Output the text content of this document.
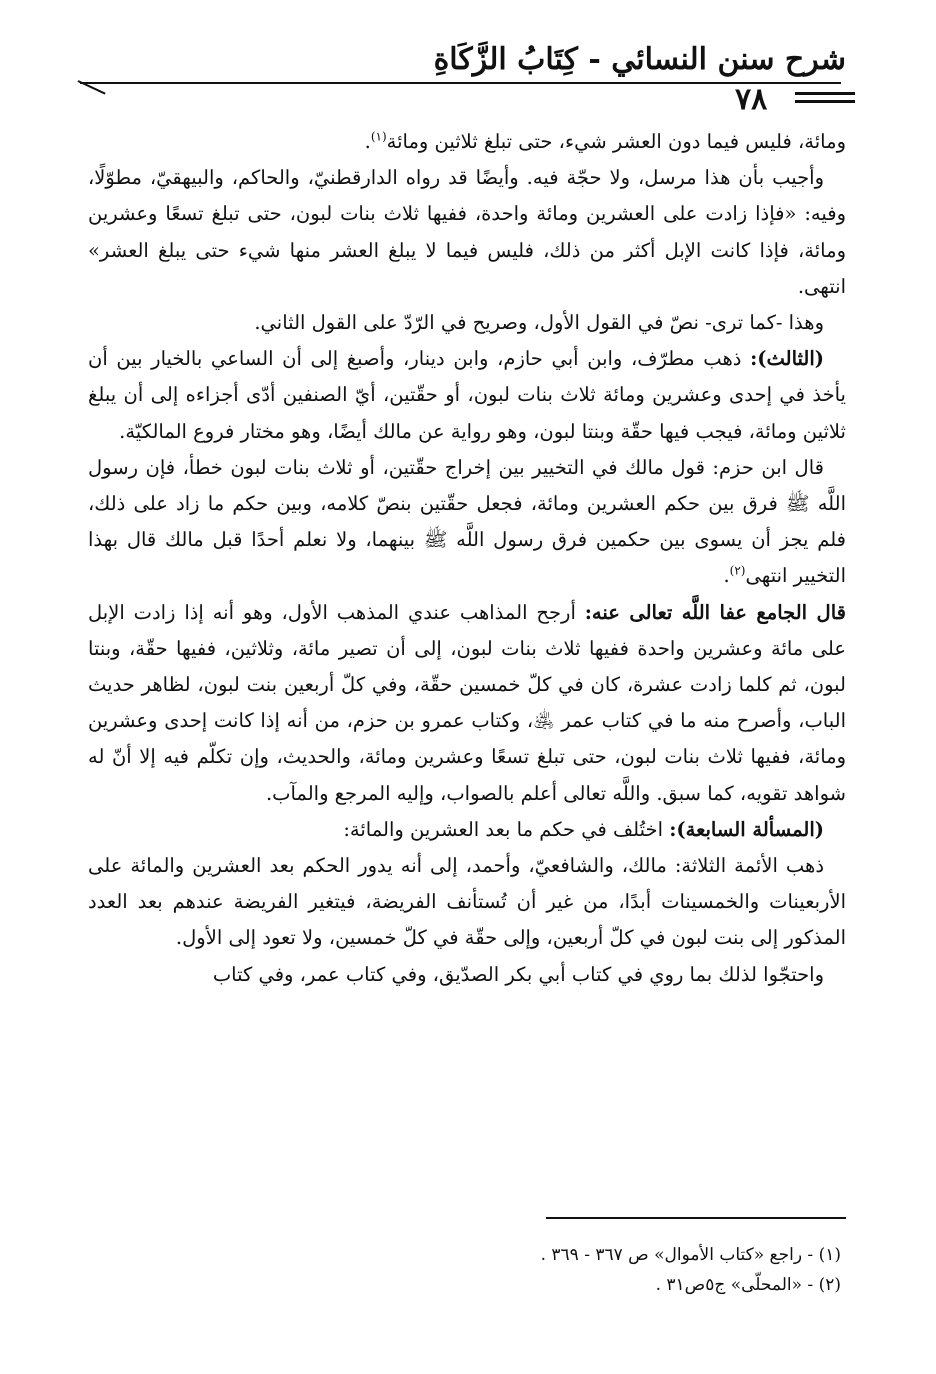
شرح سنن النسائي - كِتَابُ الزَّكَاةِ
٧٨

ومائة، فليس فيما دون العشر شيء، حتى تبلغ ثلاثين ومائة$^{(١)}$.

وأجيب بأن هذا مرسل، ولا حجّة فيه. وأيضًا قد رواه الدارقطنيّ، والحاكم، والبيهقيّ، مطوّلًا، وفيه: «فإذا زادت على العشرين ومائة واحدة، ففيها ثلاث بنات لبون، حتى تبلغ تسعًا وعشرين ومائة، فإذا كانت الإبل أكثر من ذلك، فليس فيما لا يبلغ العشر منها شيء حتى يبلغ العشر» انتهى.

وهذا -كما ترى- نصّ في القول الأول، وصريح في الرّدّ على القول الثاني.

(الثالث): ذهب مطرّف، وابن أبي حازم، وابن دينار، وأصبغ إلى أن الساعي بالخيار بين أن يأخذ في إحدى وعشرين ومائة ثلاث بنات لبون، أو حقّتين، أيّ الصنفين أدّى أجزاءه إلى أن يبلغ ثلاثين ومائة، فيجب فيها حقّة وبنتا لبون، وهو رواية عن مالك أيضًا، وهو مختار فروع المالكيّة.

قال ابن حزم: قول مالك في التخيير بين إخراج حقّتين، أو ثلاث بنات لبون خطأ، فإن رسول اللَّه ﷺ فرق بين حكم العشرين ومائة، فجعل حقّتين بنصّ كلامه، وبين حكم ما زاد على ذلك، فلم يجز أن يسوى بين حكمين فرق رسول اللَّه ﷺ بينهما، ولا نعلم أحدًا قبل مالك قال بهذا التخيير انتهى$^{(٢)}$.

قال الجامع عفا اللَّه تعالى عنه: أرجح المذاهب عندي المذهب الأول، وهو أنه إذا زادت الإبل على مائة وعشرين واحدة ففيها ثلاث بنات لبون، إلى أن تصير مائة، وثلاثين، ففيها حقّة، وبنتا لبون، ثم كلما زادت عشرة، كان في كلّ خمسين حقّة، وفي كلّ أربعين بنت لبون، لظاهر حديث الباب، وأصرح منه ما في كتاب عمر ﵁، وكتاب عمرو بن حزم، من أنه إذا كانت إحدى وعشرين ومائة، ففيها ثلاث بنات لبون، حتى تبلغ تسعًا وعشرين ومائة، والحديث، وإن تكلّم فيه إلا أنّ له شواهد تقويه، كما سبق. واللَّه تعالى أعلم بالصواب، وإليه المرجع والمآب.

(المسألة السابعة): اختُلف في حكم ما بعد العشرين والمائة:

ذهب الأئمة الثلاثة: مالك، والشافعيّ، وأحمد، إلى أنه يدور الحكم بعد العشرين والمائة على الأربعينات والخمسينات أبدًا، من غير أن تُستأنف الفريضة، فيتغير الفريضة عندهم بعد العدد المذكور إلى بنت لبون في كلّ أربعين، وإلى حقّة في كلّ خمسين، ولا تعود إلى الأول.

واحتجّوا لذلك بما روي في كتاب أبي بكر الصدّيق، وفي كتاب عمر، وفي كتاب

(١) - راجع «كتاب الأموال» ص ٣٦٧ - ٣٦٩ .
(٢) - «المحلّى» ج٥ص٣١ .
